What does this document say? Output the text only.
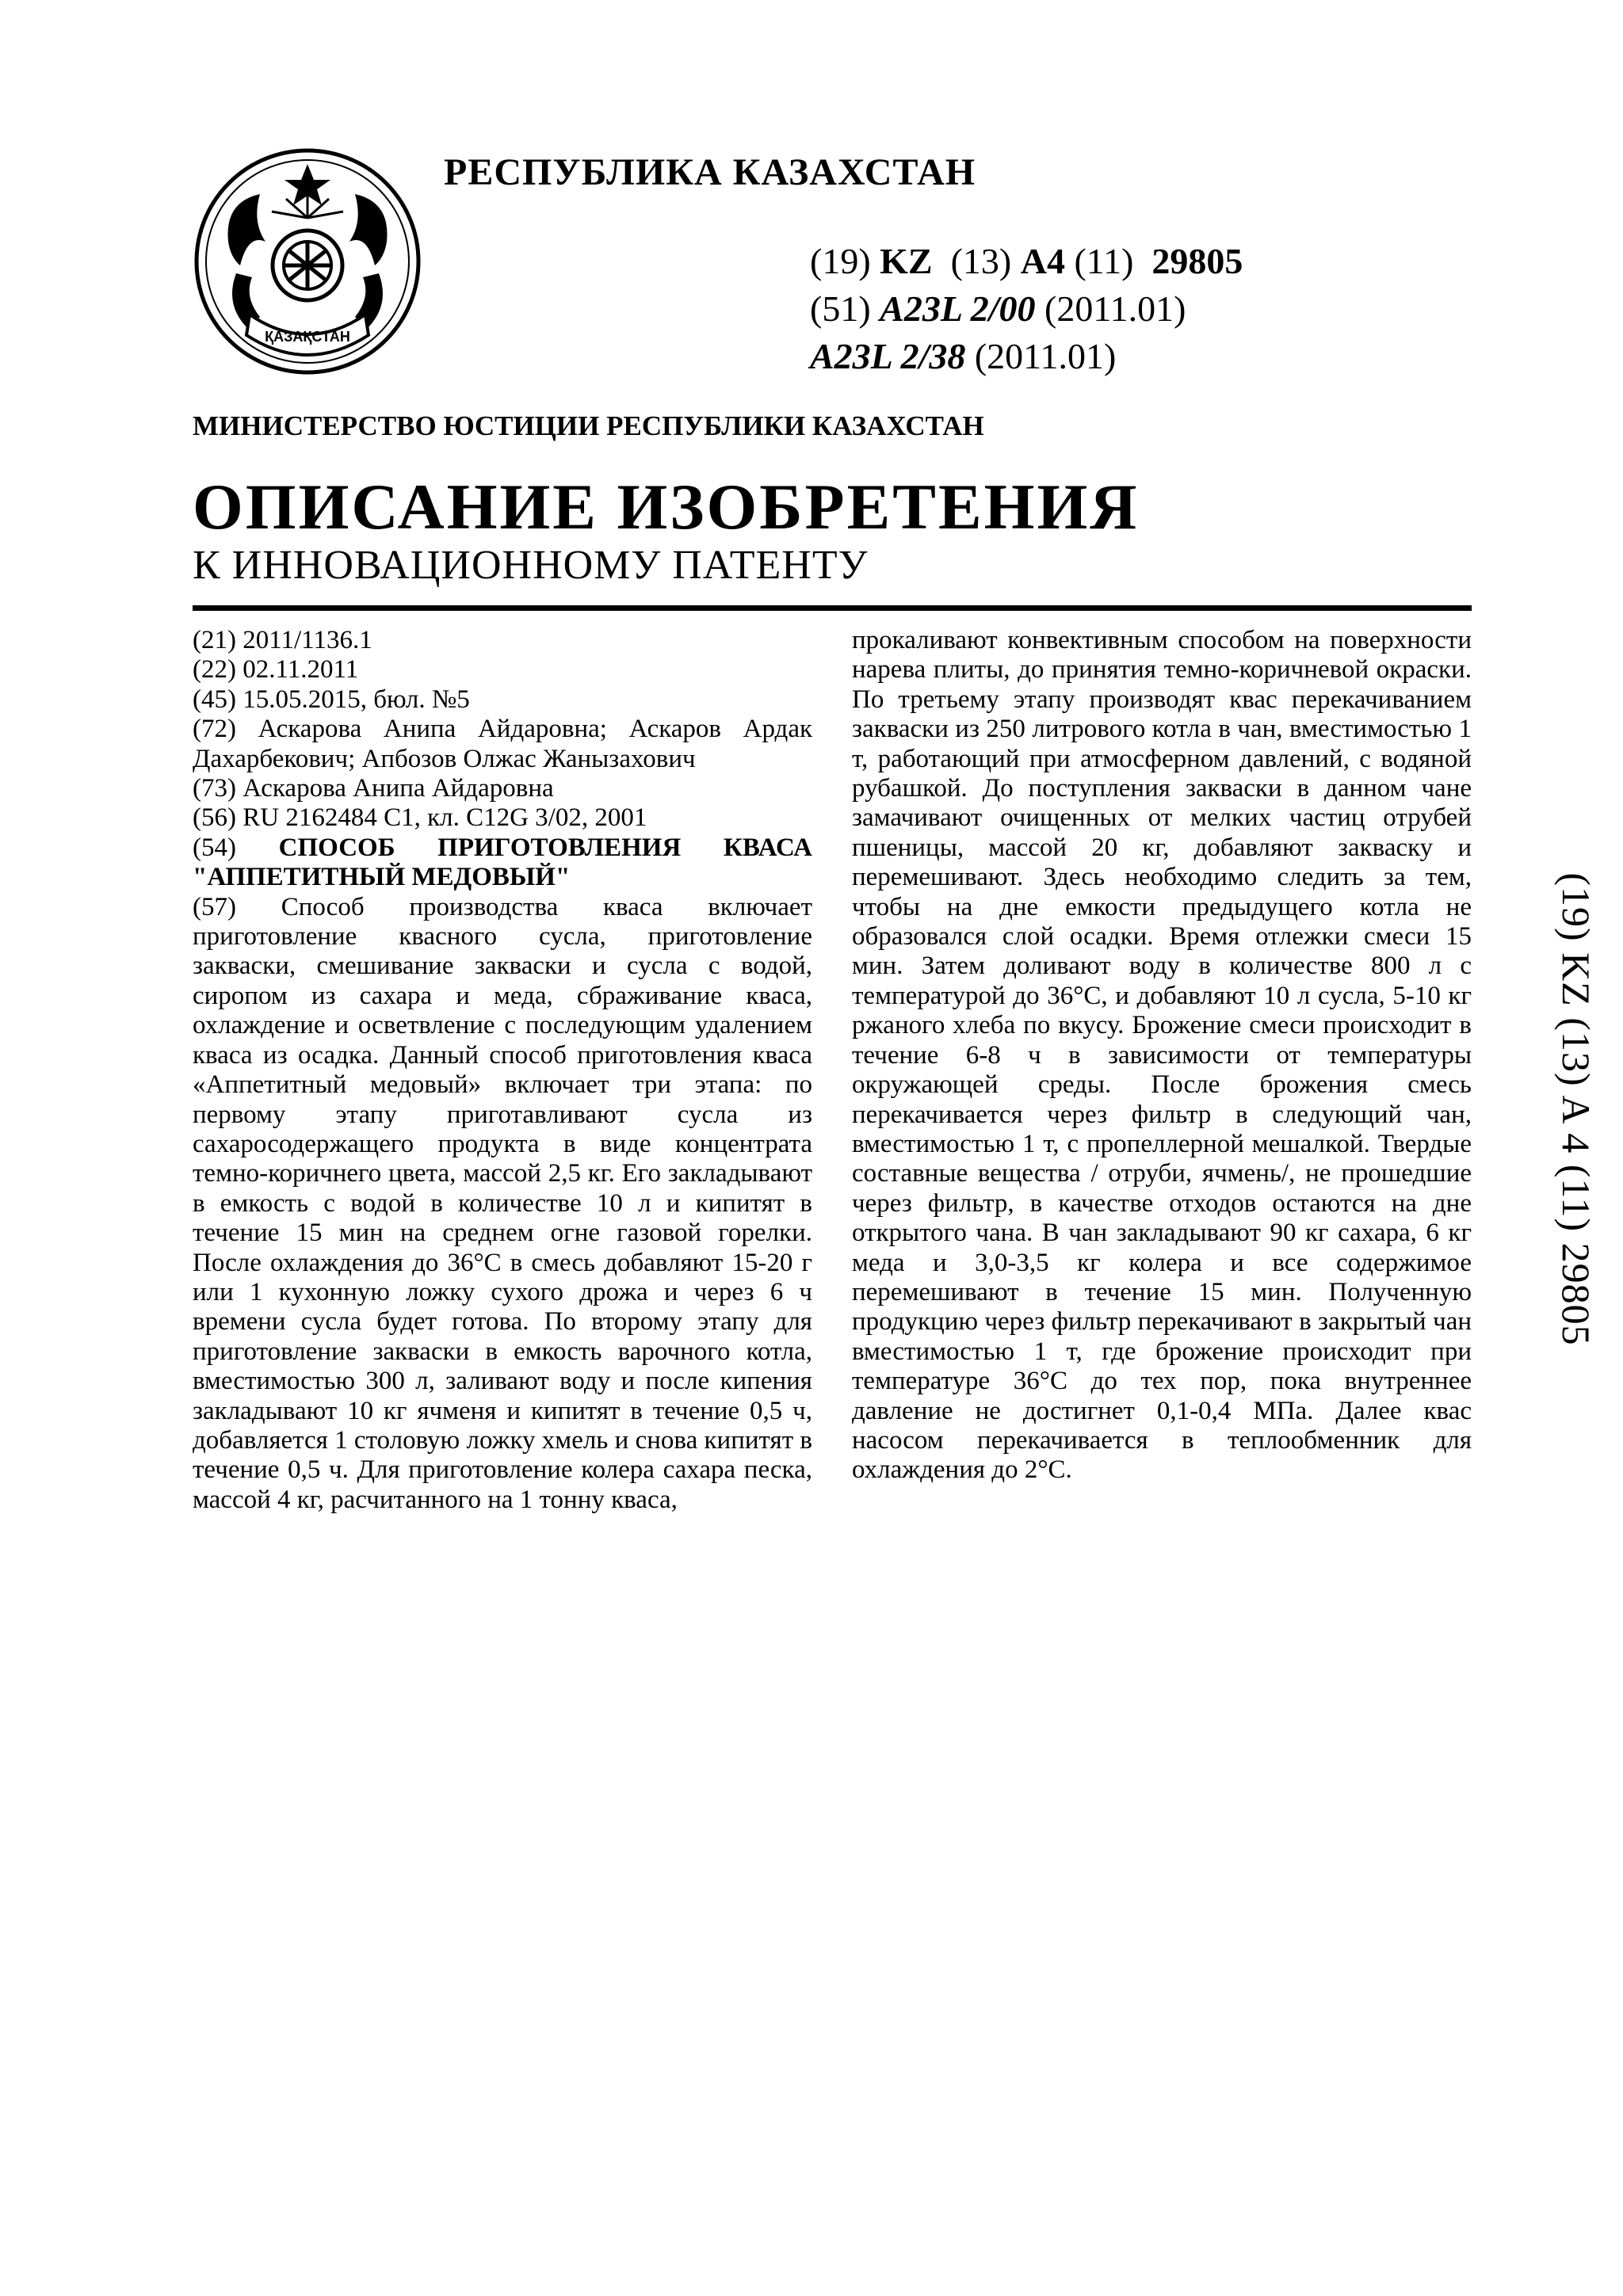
ҚАЗАҚСТАН
РЕСПУБЛИКА КАЗАХСТАН
(19) KZ (13) A4 (11) 29805
(51) A23L 2/00 (2011.01)
A23L 2/38 (2011.01)
МИНИСТЕРСТВО ЮСТИЦИИ РЕСПУБЛИКИ КАЗАХСТАН
ОПИСАНИЕ ИЗОБРЕТЕНИЯ
К ИННОВАЦИОННОМУ ПАТЕНТУ

(21) 2011/1136.1

(22) 02.11.2011

(45) 15.05.2015, бюл. №5

(72) Аскарова Анипа Айдаровна; Аскаров Ардак

Дахарбекович; Апбозов Олжас Жанызахович

(73) Аскарова Анипа Айдаровна

(56) RU 2162484 C1, кл. C12G 3/02, 2001

(54) СПОСОБ ПРИГОТОВЛЕНИЯ КВАСА

"АППЕТИТНЫЙ МЕДОВЫЙ"

(57) Способ производства кваса включает приготовление квасного сусла, приготовление закваски, смешивание закваски и сусла с водой, сиропом из сахара и меда, сбраживание кваса, охлаждение и осветвление с последующим удалением кваса из осадка. Данный способ приготовления кваса «Аппетитный медовый» включает три этапа: по первому этапу приготавливают сусла из сахаросодержащего продукта в виде концентрата темно-коричнего цвета, массой 2,5 кг. Его закладывают в емкость с водой в количестве 10 л и кипитят в течение 15 мин на среднем огне газовой горелки. После охлаждения до 36°С в смесь добавляют 15-20 г или 1 кухонную ложку сухого дрожа и через 6 ч времени сусла будет готова. По второму этапу для приготовление закваски в емкость варочного котла, вместимостью 300 л, заливают воду и после кипения закладывают 10 кг ячменя и кипитят в течение 0,5 ч, добавляется 1 столовую ложку хмель и снова кипитят в течение 0,5 ч. Для приготовление колера сахара песка, массой 4 кг, расчитанного на 1 тонну кваса,

прокаливают конвективным способом на поверхности нарева плиты, до принятия темно-коричневой окраски. По третьему этапу производят квас перекачиванием закваски из 250 литрового котла в чан, вместимостью 1 т, работающий при атмосферном давлений, с водяной рубашкой. До поступления закваски в данном чане замачивают очищенных от мелких частиц отрубей пшеницы, массой 20 кг, добавляют закваску и перемешивают. Здесь необходимо следить за тем, чтобы на дне емкости предыдущего котла не образовался слой осадки. Время отлежки смеси 15 мин. Затем доливают воду в количестве 800 л с температурой до 36°С, и добавляют 10 л сусла, 5-10 кг ржаного хлеба по вкусу. Брожение смеси происходит в течение 6-8 ч в зависимости от температуры окружающей среды. После брожения смесь перекачивается через фильтр в следующий чан, вместимостью 1 т, с пропеллерной мешалкой. Твердые составные вещества / отруби, ячмень/, не прошедшие через фильтр, в качестве отходов остаются на дне открытого чана. В чан закладывают 90 кг сахара, 6 кг меда и 3,0-3,5 кг колера и все содержимое перемешивают в течение 15 мин. Полученную продукцию через фильтр перекачивают в закрытый чан вместимостью 1 т, где брожение происходит при температуре 36°С до тех пор, пока внутреннее давление не достигнет 0,1-0,4 МПа. Далее квас насосом перекачивается в теплообменник для охлаждения до 2°С.

(19) KZ (13) A 4 (11) 29805
